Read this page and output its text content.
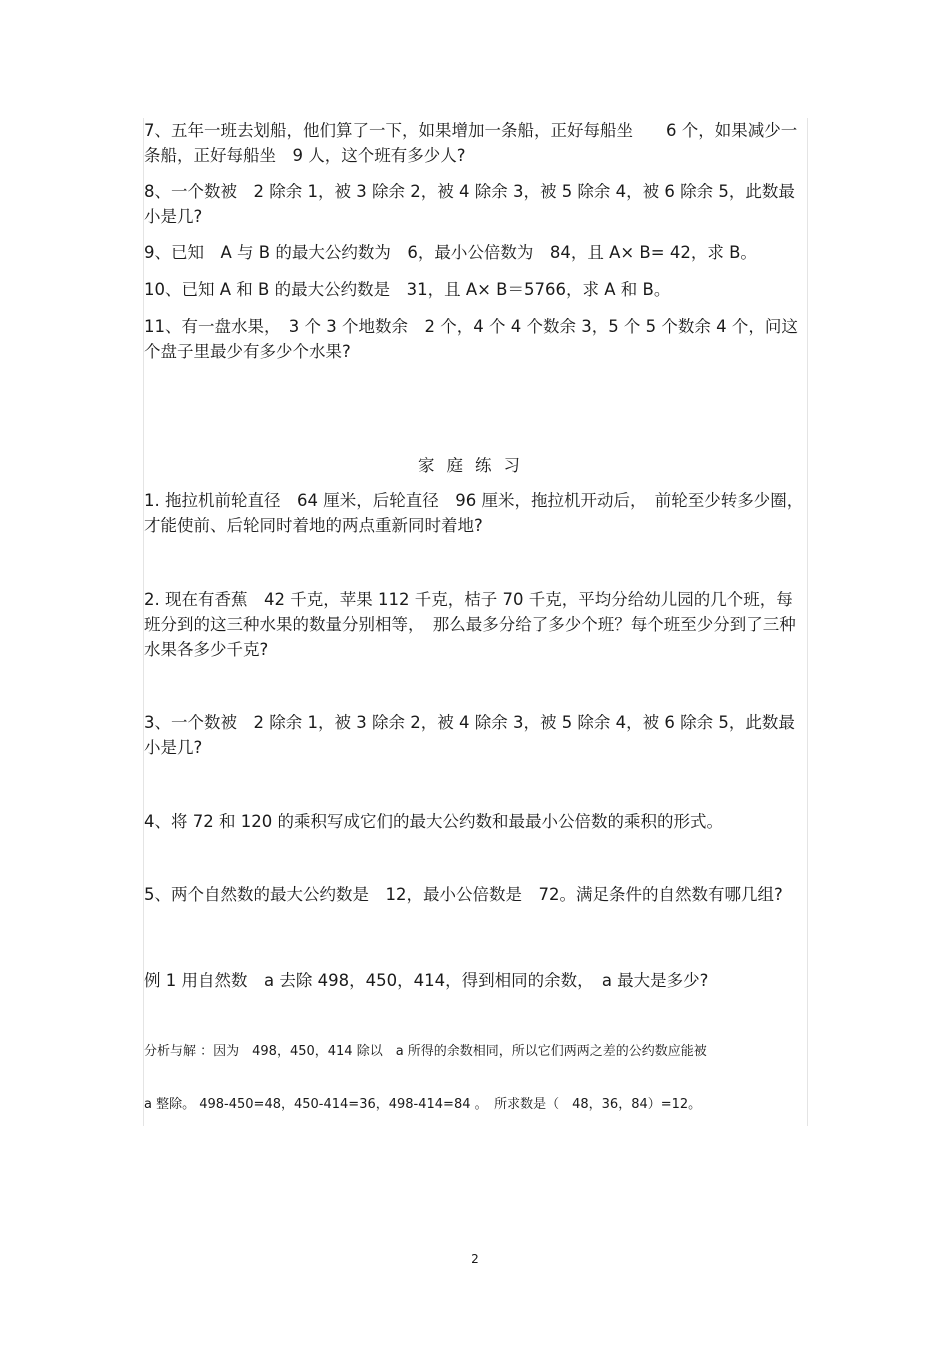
7、五年一班去划船，他们算了一下，如果增加一条船，正好每船坐　　6 个，如果减少一条船，正好每船坐　9 人，这个班有多少人?

8、一个数被　2 除余 1，被 3 除余 2，被 4 除余 3，被 5 除余 4，被 6 除余 5，此数最小是几?

9、已知　A 与 B 的最大公约数为　6，最小公倍数为　84，且 A× B= 42，求 B。

10、已知 A 和 B 的最大公约数是　31，且 A× B＝5766，求 A 和 B。

11、有一盘水果，　3 个 3 个地数余　2 个，4 个 4 个数余 3，5 个 5 个数余 4 个，问这个盘子里最少有多少个水果?

家庭练习

1. 拖拉机前轮直径　64 厘米，后轮直径　96 厘米，拖拉机开动后，　前轮至少转多少圈，才能使前、后轮同时着地的两点重新同时着地?

2. 现在有香蕉　42 千克，苹果 112 千克，桔子 70 千克，平均分给幼儿园的几个班，每班分到的这三种水果的数量分别相等，　那么最多分给了多少个班？每个班至少分到了三种水果各多少千克?

3、一个数被　2 除余 1，被 3 除余 2，被 4 除余 3，被 5 除余 4，被 6 除余 5，此数最小是几?

4、将 72 和 120 的乘积写成它们的最大公约数和最最小公倍数的乘积的形式。

5、两个自然数的最大公约数是　12，最小公倍数是　72。满足条件的自然数有哪几组?

例 1 用自然数　a 去除 498，450，414，得到相同的余数，　a 最大是多少?

分析与解 ：因为　498，450，414 除以　a 所得的余数相同，所以它们两两之差的公约数应能被

a 整除。 498-450=48，450-414=36，498-414=84 。　所求数是（　48，36，84）=12。

2
